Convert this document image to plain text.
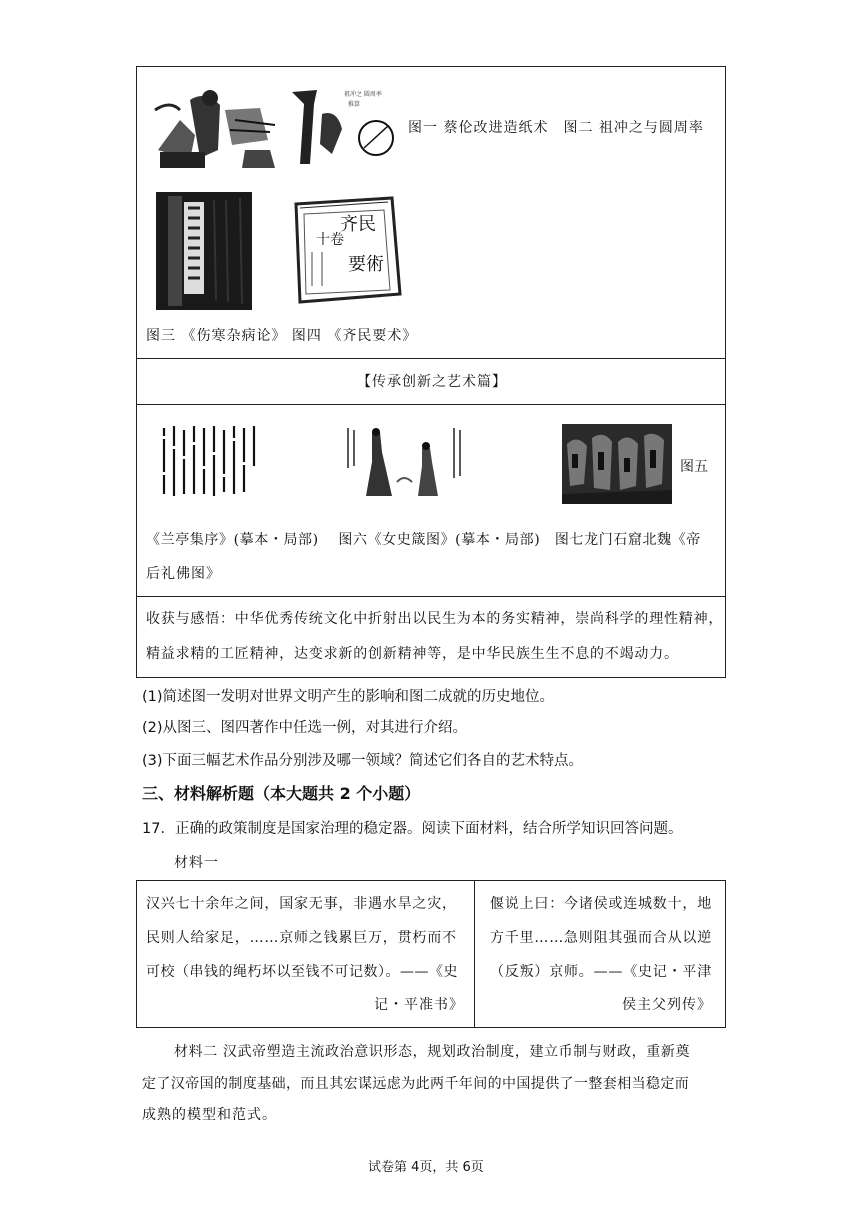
祖冲之 圆周率
推算
图一 蔡伦改进造纸术　图二 祖冲之与圆周率
齐民
要術
十卷
图三 《伤寒杂病论》 图四 《齐民要术》
【传承创新之艺术篇】
图五
《兰亭集序》(摹本・局部)　 图六《女史箴图》(摹本・局部)　图七龙门石窟北魏《帝
后礼佛图》
收获与感悟：中华优秀传统文化中折射出以民生为本的务实精神，崇尚科学的理性精神，
精益求精的工匠精神，达变求新的创新精神等，是中华民族生生不息的不竭动力。
(1)简述图一发明对世界文明产生的影响和图二成就的历史地位。
(2)从图三、图四著作中任选一例，对其进行介绍。
(3)下面三幅艺术作品分别涉及哪一领域？简述它们各自的艺术特点。
三、材料解析题（本大题共 2 个小题）
17．正确的政策制度是国家治理的稳定器。阅读下面材料，结合所学知识回答问题。
材料一
汉兴七十余年之间，国家无事，非遇水旱之灾，
民则人给家足，……京师之钱累巨万，贯朽而不
可校（串钱的绳朽坏以至钱不可记数）。——《史
记・平准书》
偃说上曰：今诸侯或连城数十，地
方千里……急则阻其强而合从以逆
（反叛）京师。——《史记・平津
侯主父列传》
材料二 汉武帝塑造主流政治意识形态，规划政治制度，建立币制与财政，重新奠
定了汉帝国的制度基础，而且其宏谋远虑为此两千年间的中国提供了一整套相当稳定而
成熟的模型和范式。
试卷第 4页，共 6页
